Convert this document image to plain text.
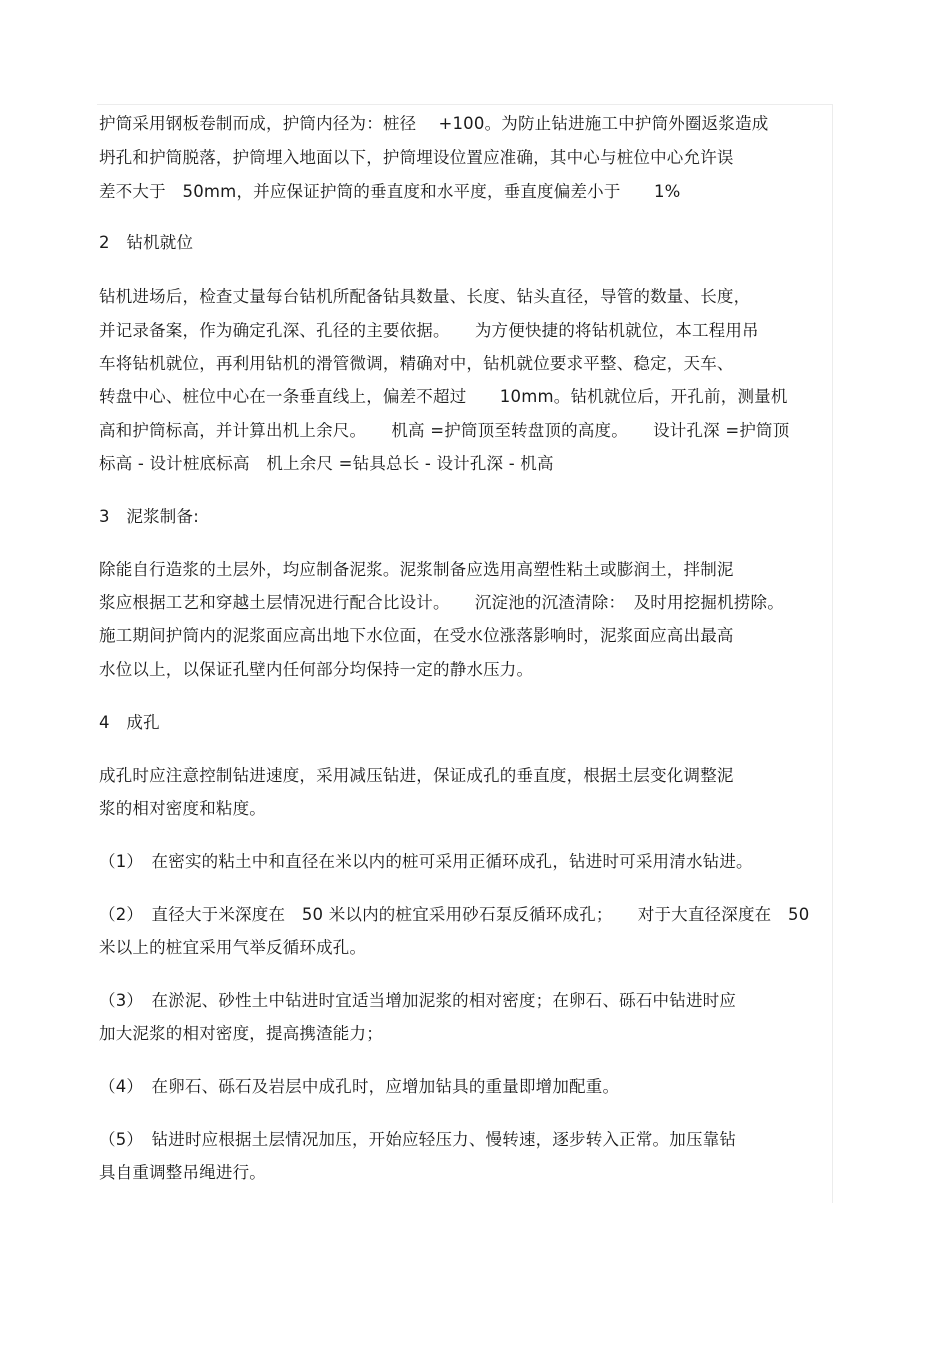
护筒采用钢板卷制而成，护筒内径为：桩径　 +100。为防止钻进施工中护筒外圈返浆造成
坍孔和护筒脱落，护筒埋入地面以下，护筒埋设位置应准确，其中心与桩位中心允许误
差不大于　50mm，并应保证护筒的垂直度和水平度，垂直度偏差小于　　1%
2　钻机就位
钻机进场后，检查丈量每台钻机所配备钻具数量、长度、钻头直径，导管的数量、长度，
并记录备案，作为确定孔深、孔径的主要依据。　　为方便快捷的将钻机就位，本工程用吊
车将钻机就位，再利用钻机的滑管微调，精确对中，钻机就位要求平整、稳定，天车、
转盘中心、桩位中心在一条垂直线上，偏差不超过　　10mm。钻机就位后，开孔前，测量机
高和护筒标高，并计算出机上余尺。　　机高 =护筒顶至转盘顶的高度。　　设计孔深 =护筒顶
标高 - 设计桩底标高　机上余尺 =钻具总长 - 设计孔深 - 机高
3　泥浆制备:
除能自行造浆的土层外，均应制备泥浆。泥浆制备应选用高塑性粘土或膨润土，拌制泥
浆应根据工艺和穿越土层情况进行配合比设计。　　沉淀池的沉渣清除：　及时用挖掘机捞除。
施工期间护筒内的泥浆面应高出地下水位面，在受水位涨落影响时，泥浆面应高出最高
水位以上，以保证孔壁内任何部分均保持一定的静水压力。
4　成孔
成孔时应注意控制钻进速度，采用减压钻进，保证成孔的垂直度，根据土层变化调整泥
浆的相对密度和粘度。
（1）　在密实的粘土中和直径在米以内的桩可采用正循环成孔，钻进时可采用清水钻进。
（2）　直径大于米深度在　50 米以内的桩宜采用砂石泵反循环成孔；　　对于大直径深度在　50
米以上的桩宜采用气举反循环成孔。
（3）　在淤泥、砂性土中钻进时宜适当增加泥浆的相对密度；在卵石、砾石中钻进时应
加大泥浆的相对密度，提高携渣能力；
（4）　在卵石、砾石及岩层中成孔时，应增加钻具的重量即增加配重。
（5）　钻进时应根据土层情况加压，开始应轻压力、慢转速，逐步转入正常。加压靠钻
具自重调整吊绳进行。
